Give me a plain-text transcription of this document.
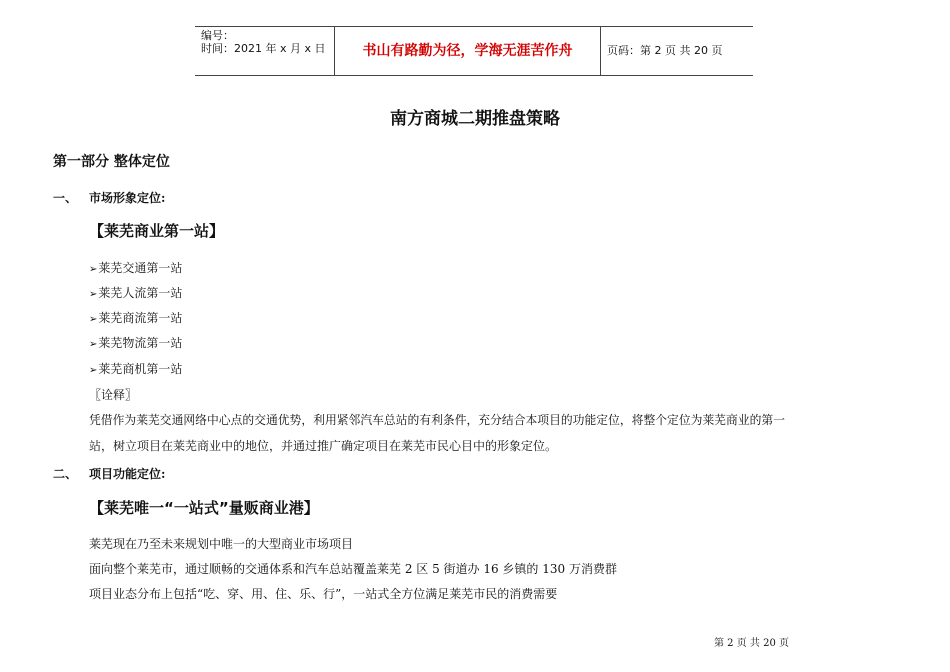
编号：
时间：2021 年 x 月 x 日	书山有路勤为径，学海无涯苦作舟	页码：第 2 页 共 20 页
南方商城二期推盘策略
第一部分 整体定位
一、 市场形象定位:
【莱芜商业第一站】
➢莱芜交通第一站
➢莱芜人流第一站
➢莱芜商流第一站
➢莱芜物流第一站
➢莱芜商机第一站
〖诠释〗
凭借作为莱芜交通网络中心点的交通优势，利用紧邻汽车总站的有利条件，充分结合本项目的功能定位，将整个定位为莱芜商业的第一
站，树立项目在莱芜商业中的地位，并通过推广确定项目在莱芜市民心目中的形象定位。
二、 项目功能定位:
【莱芜唯一“一站式”量贩商业港】
莱芜现在乃至未来规划中唯一的大型商业市场项目
面向整个莱芜市，通过顺畅的交通体系和汽车总站覆盖莱芜 2 区 5 街道办 16 乡镇的 130 万消费群
项目业态分布上包括“吃、穿、用、住、乐、行”，一站式全方位满足莱芜市民的消费需要
第 2 页 共 20 页
